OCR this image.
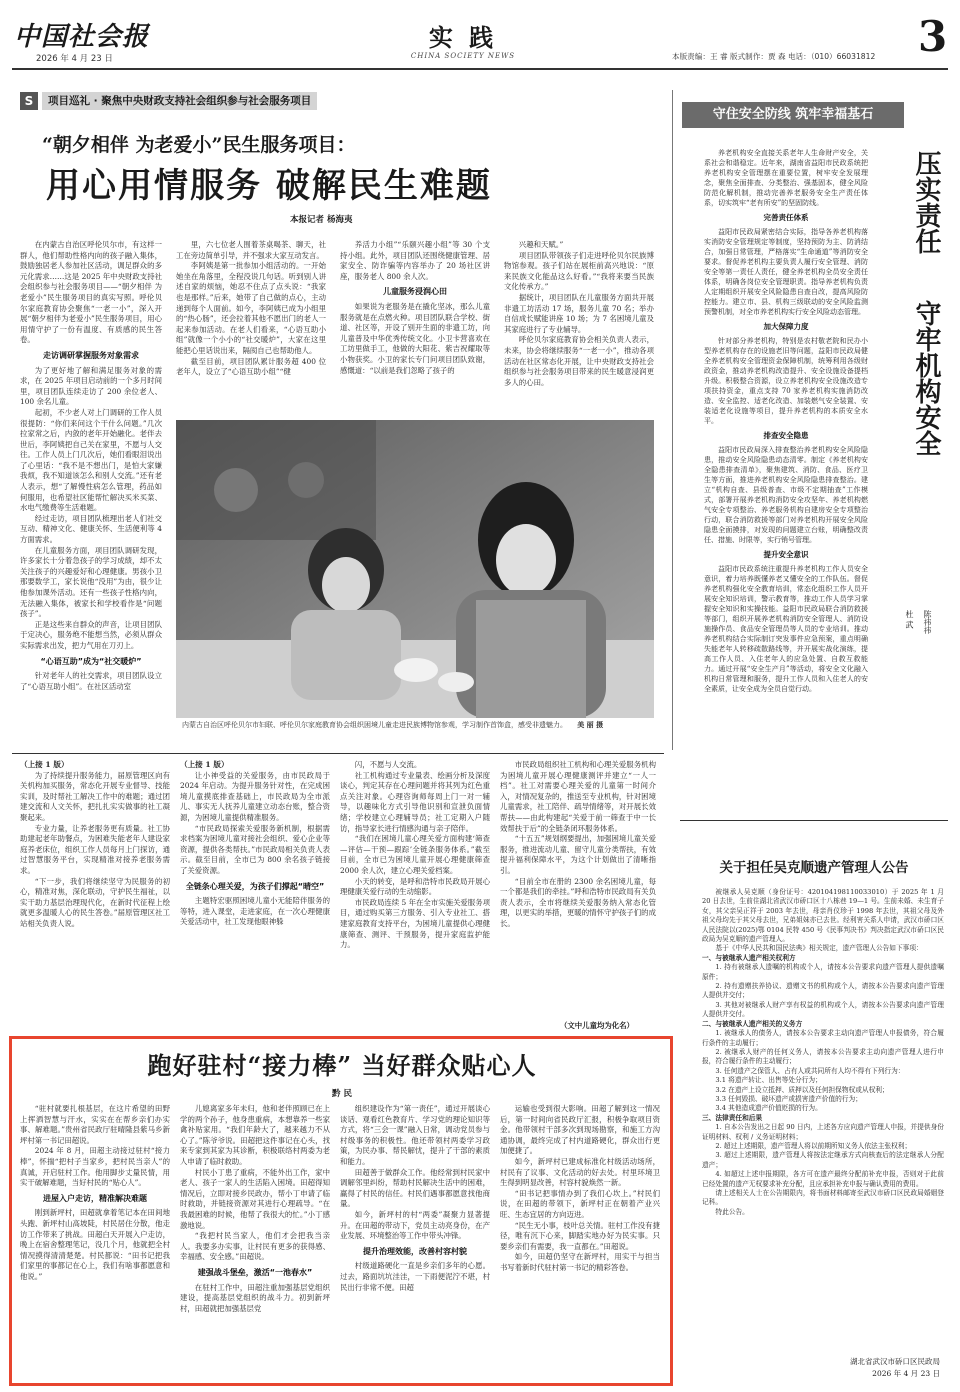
中国社会报
2026 年 4 月 23 日
实 践
CHINA SOCIETY NEWS	本版责编：王 睿 版式制作：贾 森 电话：（010）66031812 3
S	项目巡礼 · 聚焦中央财政支持社会组织参与社会服务项目
“朝夕相伴 为老爱小”民生服务项目：
用心用情服务 破解民生难题
本报记者 杨海夷

在内蒙古自治区呼伦贝尔市，有这样一群人，他们帮助性格内向的孩子融入集体，鼓励独居老人参加社区活动，调足群众的多元化需求……这是 2025 年中央财政支持社会组织参与社会服务项目——“朝夕相伴 为老爱小”民生服务项目的真实写照。呼伦贝尔家庭教育协会聚焦“一老一小”，深入开展“朝夕相伴为老爱小”民生服务项目，用心用情守护了一份有温度、有质感的民生答卷。

走访调研掌握服务对象需求

为了更好地了解和满足服务对象的需求，在 2025 年项目启动前的一个多月时间里，项目团队连续走访了 200 余位老人、100 余名儿童。

起初，不少老人对上门调研的工作人员很提防：“你们来问这个干什么问题。”几次拉家常之后，内敛的老年开始融化。老伴去世后，李阿姨把自己关在家里，不愿与人交往。工作人员上门几次后，她们看眼泪说出了心里话：“我不是不想出门，是怕大家嫌我烦，我不知道该怎么和别人交流。”还有老人表示，想“了解慢性病怎么管理，药品如何服用，也希望社区能帮忙解决买米买菜、水电气缴费等生活难题。

经过走访，项目团队梳理出老人们社交互动、精神文化、健康关怀、生活便利等 4 方面需求。

在儿童服务方面，项目团队调研发现，许多家长十分着急孩子的学习成绩，却不太关注孩子的兴趣爱好和心理健康。男孩小卫那要数学工，家长说他“没用”为由，很少让他参加课外活动。还有一些孩子性格内向，无法融入集体，被家长和学校看作是“问题孩子”。

正是这些来自群众的声音，让项目团队于定决心，服务绝不能想当然，必须从群众实际需求出发，把力气用在刀刃上。

“心语互助”成为“社交暖炉”

针对老年人的社交需求，项目团队设立了“心语互助小组”。在社区活动室

里，六七位老人围着茶桌喝茶、聊天，社工在旁边简单引导，并不强求大家互动发言。

李阿姨是第一批参加小组活动的。一开始她坐在角落里，全程没说几句话。听到别人讲述自家的烦恼，她忍不住点了点头说：“我家也是那样。”后来，她带了自己做的点心，主动递到每个人面前。如今，李阿姨已成为小组里的“热心肠”，还会拉着其他不愿出门的老人一起来参加活动。在老人们看来，“心语互助小组”就像一个小小的“社交暖炉”，大家在这里能把心里话说出来，隔阂自己也帮助他人。

截至目前，项目团队累计服务超 400 位老年人，设立了“心语互助小组”“健

养活力小组”“乐颐兴趣小组”等 30 个支持小组。此外，项目团队还围绕健康管理、居家安全、防诈骗等内容举办了 20 场社区讲座，服务老人 800 余人次。

儿童服务浸润心田

如果说为老服务是在撬化坚冰，那么儿童服务就是在点燃火种。项目团队联合学校、街道、社区等，开设了别开生面的非遗工坊，向儿童普及中华优秀传统文化。小卫卡营喜欢在工坊里做手工，他做的大阳花、紫吉祝耀取等小物获奖。小卫的家长专门问项目团队致谢，感慨道：“以前是我们忽略了孩子的

兴趣和天赋。”

项目团队带领孩子们走进呼伦贝尔民族博物馆参观。孩子们站在展柜前高兴地说：“原来民族文化能品这么好看。”“我将来要当民族文化传承方。”

据统计，项目团队在儿童服务方面共开展非遗工坊活动 17 场，服务儿童 70 名；举办自信成长赋能讲座 10 场；为 7 名困境儿童及其家庭进行了专业辅导。

呼伦贝尔家庭教育协会相关负责人表示，未来，协会将继续服务“一老一小”，推动各项活动在社区常态化开展，让中央财政支持社会组织参与社会服务项目带来的民生暖意浸润更多人的心田。

内蒙古自治区呼伦贝尔市妇联、呼伦贝尔家庭教育协会组织困境儿童走进民族博物馆参观，学习制作首饰盒，感受非遗魅力。 美 丽 摄
（上接 1 版）

为了持续提升服务能力，届原管理区向有关机构加买服务，常态化开展专业督导、技能实训，及时帮社工解决工作中的难题；通过团建交流和人文关怀，把扎扎实实做事的社工凝聚起来。

专业力量，让养老服务更有质量。社工协助建起老年助餐点，为困难失能老年人建设家庭养老床位，组织工作人员每月上门探访，通过智慧服务平台，实现精准对接养老服务需求。

“下一步，我们将继续坚守为民服务的初心，精准对焦，深化联动，守护民生福祉，以实干助力基层治理现代化，在新时代征程上绘就更多温暖人心的民生答卷。”届原管理区社工站相关负责人说。

（上接 1 版）

让小神受益的关爱服务，由市民政局于 2024 年启动。为提升服务针对性，在完成困境儿童摸底排查基础上，市民政局为全市派儿、事实无人抚养儿童建立动态台账，整合资源，为困境儿童提供精准服务。

“市民政局探索关爱服务新机制，根据需求档案为困境儿童对接社会组织、爱心企业等资源，提供各类帮扶。”市民政局相关负责人表示。截至目前，全市已为 800 余名孩子链接了关爱资源。

全链条心理关爱，为孩子们撑起“晴空”

主题特宏驱照困境儿童小无能陪伴服务的等特，进入课堂，走进家庭，在一次心理健康关爱活动中，社工发现他眼神躲

闪，不愿与人交流。

社工机构通过专业量表、绘画分析及深度谈心，判定其存在心理问题并将其列为红色重点关注对象。心理咨询师每周上门一对一辅导，以趣味化方式引导他识别和宣泄负面情绪；学校建立心理辅导员；社工定期入户随访，指导家长进行情感沟通与亲子陪伴。

“我们在困境儿童心理关爱方面构建‘筛查—评估—干预—跟踪’全链条服务体系。”截至目前，全市已为困境儿童开展心理健康筛查 2000 余人次，建立心理关爱档案。

小天的转变，是呼和浩特市民政局开展心理健康关爱行动的生动缩影。

市民政局连续 5 年在全市实施关爱服务项目，通过购买第三方服务、引入专业社工、搭建家庭教育支持平台，为困境儿童提供心理健康筛查、测评、干预服务，提升家庭监护能力。

市民政局组织社工机构和心理关爱服务机构为困境儿童开展心理健康测评并建立“一人一档”。社工对需要心理关爱的儿童第一时间介入，对情况复杂的，推送至专业机构，针对困境儿童需求，社工陪伴、疏导情绪等，对开展长效帮扶——由此构建起“关爱于前一筛查于中一长效帮扶于后”的全链条闭环服务体系。

“十五五”规划纲要提出，加强困境儿童关爱服务，推进流动儿童、留守儿童分类帮扶，有效提升福利保障水平，为这个计划做出了清晰指引。

“目前全市在册的 2300 余名困境儿童，每一个都是我们的牵挂。”呼和浩特市民政局有关负责人表示，全市将继续关爱服务纳入常态化管理，以更实的举措，更暖的情怀守护孩子们的成长。

（文中儿童均为化名）
跑好驻村“接力棒” 当好群众贴心人
黔 民

“驻村就要扎根基层，在这片希望的田野上挥洒智慧与汗水，实实在在帮乡亲们办实事、解难题。”贵州省民政厅驻晴隆县紫马乡新坪村第一书记田超说。

2024 年 8 月，田超主动接过驻村“接力棒”，怀揣“把村子当家乡，把村民当亲人”的真诚，开启驻村工作。他用脚步丈量民情，用实干破解难题，当好村民的“贴心人”。

进屋入户走访，精准解决难题

刚到新坪村，田超就拿着笔记本在田间地头跑、新坪村山高坡陡，村民居住分散，他走访工作带来了挑战。田超白天开展入户走访，晚上在宿舍整理笔记，没几个月，他就把全村情况摸得清清楚楚。村民都说：“田书记把我们家里的事都记在心上，我们有啥事都愿意和他说。”

儿媳离家多年未归，他和老伴照顾已在上学的两个孙子，他身患重病，本想靠养一些家禽补贴家用。“我们年龄大了，越来越力不从心了。”陈爷爷说。田超把这件事记在心头，找来专家到其家为其诊断，积极联络村两委为老人申请了临时救助。

村民小丁患了重病，不能外出工作，家中老人、孩子一家人的生活陷入困境。田超得知情况后，立即对接乡民政办，帮小丁申请了临时救助，并链接资源对其进行心理疏导。“在我最困难的时候，他帮了我很大的忙。”小丁感激地说。

“我把村民当家人，他们才会把我当亲人。我要多办实事，让村民有更多的获得感、幸福感、安全感。”田超说。

建强战斗堡垒，激活“一池春水”

在驻村工作中，田超注重加强基层党组织建设，提高基层党组织的战斗力。初到新坪村，田超就把加强基层党

组织建设作为“第一责任”，通过开展谈心谈话、观看红色教育片、学习党的理论知识等方式，将“三会一课”融入日常，调动党员参与村级事务的积极性。他还带领村两委学习政策，为民办事、帮民解忧，提升了干部的素质和能力。

田超善于做群众工作。他经常到村民家中调解邻里纠纷，帮助村民解决生活中的困难，赢得了村民的信任。村民们遇事都愿意找他商量。

如今，新坪村的村“两委”凝聚力显著提升。在田超的带动下，党员主动亮身份，在产业发展、环境整治等工作中带头冲锋。

提升治理效能，改善村容村貌

村级道路硬化一直是乡亲们多年的心愿。过去，路面坑坑洼洼，一下雨便泥泞不堪，村民出行非常不便。田超

运输也受到很大影响。田超了解到这一情况后，第一时间向省民政厅汇报，积极争取项目资金。他带领村干部多次到现场勘察，和施工方沟通协调，最终完成了村内道路硬化，群众出行更加便捷了。

如今，新坪村已建成标准化村级活动场所，村民有了议事、文化活动的好去处。村里环境卫生得到明显改善，村容村貌焕然一新。

“田书记把事情办到了我们心坎上。”村民们说，在田超的带领下，新坪村正在朝着产业兴旺、生态宜居的方向迈进。

“民生无小事，枝叶总关情。驻村工作没有捷径，唯有沉下心来，脚踏实地办好为民实事。只要乡亲们有需要，我一直都在。”田超说。

如今，田超仍坚守在新坪村，用实干与担当书写着新时代驻村第一书记的精彩答卷。

守住安全防线 筑牢幸福基石

养老机构安全直接关系老年人生命财产安全，关系社会和谐稳定。近年来，湖南省益阳市民政系统把养老机构安全管理摆在重要位置，树牢安全发展理念，聚焦全面排查、分类整治、强基固本，健全风险防范化解机制，推动完善养老服务安全生产责任体系，切实筑牢“老有所安”的坚固防线。

完善责任体系

益阳市民政局紧密结合实际，指导各养老机构落实消防安全管理规定等制度，坚持预防为主、防消结合，加强日常管理，严格落实“生命通道”等消防安全要求。督促养老机构主要负责人履行安全管理、消防安全等第一责任人责任，健全养老机构全员安全责任体系，明确各岗位安全管理职责。指导养老机构负责人定期组织开展安全风险隐患自查自改，提高风险防控能力。建立市、县、机构三级联动的安全风险监测预警机制，对全市养老机构实行安全风险动态管理。

加大保障力度

针对部分养老机构，特别是农村敬老院和民办小型养老机构存在的设施老旧等问题，益阳市民政局健全养老机构安全管理资金保障机制，统筹利用各级财政资金，推动养老机构改造提升、安全设施设备提档升级。积极整合资源，设立养老机构安全设施改造专项扶持资金，重点支持 70 家养老机构实施消防改造、安全监控、适老化改造、加装燃气安全装置、安装适老化设施等项目，提升养老机构的本质安全水平。

排查安全隐患

益阳市民政局深入排查整治养老机构安全风险隐患，推动安全风险隐患动态清零。制定《养老机构安全隐患排查清单》，聚焦建筑、消防、食品、医疗卫生等方面，推进养老机构安全风险隐患排查整治。建立“机构自查、县级普查、市级不定期抽查”工作模式，部署开展养老机构消防安全攻坚年、养老机构燃气安全专项整治、养老服务机构自建房安全专项整治行动，联合消防救援等部门对养老机构开展安全风险隐患全面摸排，对发现的问题建立台账，明确整改责任、措施、时限等，实行销号管理。

提升安全意识

益阳市民政系统注重提升养老机构工作人员安全意识，着力培养既懂养老又懂安全的工作队伍。督促养老机构强化安全教育培训，常态化组织工作人员开展安全知识培训，警示教育等，推动工作人员学习掌握安全知识和实操技能。益阳市民政局联合消防救援等部门，组织开展养老机构消防安全管理人、消防设施操作员、食品安全管理员等人员的专业培训。推动养老机构结合实际制订突发事件应急预案，重点明确失能老年人转移疏散路线等，并开展实战化演练，提高工作人员、入住老年人的应急处置、自救互救能力。通过开展“安全生产月”等活动，将安全文化融入机构日常管理和服务，提升工作人员和入住老人的安全素质，让安全成为全员自觉行动。

压实责任
守牢机构安全
杜 武 陈祎祎
关于担任吴克顺遗产管理人公告

被继承人吴克顺（身份证号：420104198110033010）于 2025 年 1 月 20 日去世，生前住湖北省武汉市硚口区十八栋巷 19—1 号。生前未婚、未生育子女，其父亲吴正祥于 2003 年去世，母亲肖仪珍于 1998 年去世，其祖父母及外祖父母均先于其父母去世，兄弟姐妹亦已去世。经利害关系人申请，武汉市硚口区人民法院以(2025)鄂 0104 民特 450 号《民事判决书》判决指定武汉市硚口区民政局为吴克顺的遗产管理人。

基于《中华人民共和国民法典》相关规定，遗产管理人公告如下事项：

一、与被继承人遗产相关权利方

1. 持有被继承人遗嘱的机构或个人，请按本公告要求向遗产管理人提供遗嘱原件；

2. 持有遗赠扶养协议、遗赠文书的机构或个人，请按本公告要求向遗产管理人提供并交付；

3. 其他对被继承人财产享有权益的机构或个人，请按本公告要求向遗产管理人提供并交付。

二、与被继承人遗产相关的义务方

1. 被继承人的债务人，请按本公告要求主动向遗产管理人申报债务，符合履行条件的主动履行；

2. 被继承人财产的任何义务人，请按本公告要求主动向遗产管理人进行申报，符合履行条件的主动履行；

3. 任何遗产之保管人、占有人或共同所有人均不得有下列行为：

3.1 将遗产转让、出售等处分行为；

3.2 在遗产上设立抵押、质押以及任何担保物权或从权利；

3.3 任何毁损、破坏遗产或损害遗产价值的行为；

3.4 其他造成遗产价值贬损的行为。

三、法律责任和后果

1. 自本公告发出之日起 90 日内，上述各方应向遗产管理人申报，并提供身份证明材料、权利 / 义务证明材料；

2. 超过上述期限，遗产管理人将以前期所知义务人依法主张权利；

3. 超过上述期限，遗产管理人将按法定继承方式向核查后的法定继承人分配遗产；

4. 如超过上述申报期限，各方可在遗产最终分配前补充申报，否则对于此前已经处置的遗产无权要求补充分配，且应承担补充申报与确认费用的费用。

请上述相关人士在公告期限内，将书面材料邮寄至武汉市硚口区民政局婚姻登记科。

特此公告。

湖北省武汉市硚口区民政局
2026 年 4 月 23 日
